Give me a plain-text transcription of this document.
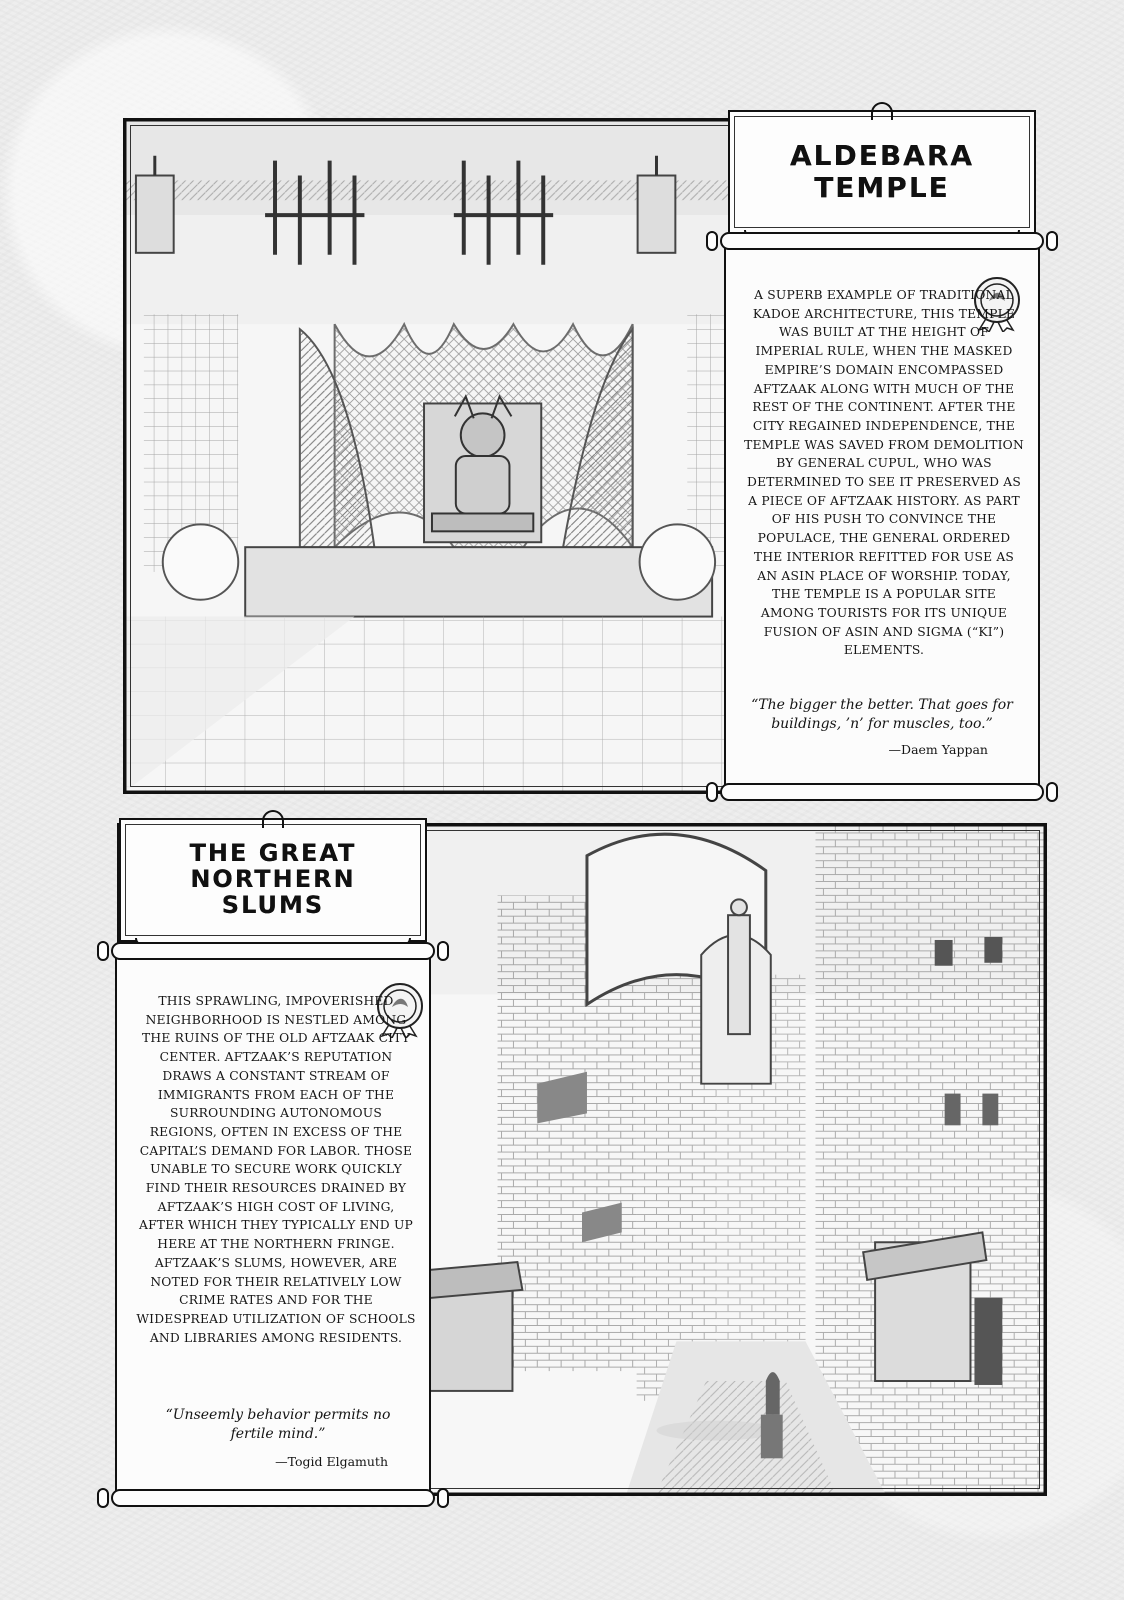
ALDEBARA
TEMPLE

A SUPERB EXAMPLE OF TRADITIONAL KADOE ARCHITECTURE, THIS TEMPLE WAS BUILT AT THE HEIGHT OF IMPERIAL RULE, WHEN THE MASKED EMPIRE’S DOMAIN ENCOMPASSED AFTZAAK ALONG WITH MUCH OF THE REST OF THE CONTINENT. AFTER THE CITY REGAINED INDEPENDENCE, THE TEMPLE WAS SAVED FROM DEMOLITION BY GENERAL CUPUL, WHO WAS DETERMINED TO SEE IT PRESERVED AS A PIECE OF AFTZAAK HISTORY. AS PART OF HIS PUSH TO CONVINCE THE POPULACE, THE GENERAL ORDERED THE INTERIOR REFITTED FOR USE AS AN ASIN PLACE OF WORSHIP. TODAY, THE TEMPLE IS A POPULAR SITE AMONG TOURISTS FOR ITS UNIQUE FUSION OF ASIN AND SIGMA (“KI”) ELEMENTS.

“The bigger the better. That goes for buildings, ’n’ for muscles, too.”

—Daem Yappan

THE GREAT
NORTHERN
SLUMS

THIS SPRAWLING, IMPOVERISHED NEIGHBORHOOD IS NESTLED AMONG THE RUINS OF THE OLD AFTZAAK CITY CENTER. AFTZAAK’S REPUTATION DRAWS A CONSTANT STREAM OF IMMIGRANTS FROM EACH OF THE SURROUNDING AUTONOMOUS REGIONS, OFTEN IN EXCESS OF THE CAPITAL’S DEMAND FOR LABOR. THOSE UNABLE TO SECURE WORK QUICKLY FIND THEIR RESOURCES DRAINED BY AFTZAAK’S HIGH COST OF LIVING, AFTER WHICH THEY TYPICALLY END UP HERE AT THE NORTHERN FRINGE. AFTZAAK’S SLUMS, HOWEVER, ARE NOTED FOR THEIR RELATIVELY LOW CRIME RATES AND FOR THE WIDESPREAD UTILIZATION OF SCHOOLS AND LIBRARIES AMONG RESIDENTS.

“Unseemly behavior permits no fertile mind.”

—Togid Elgamuth
